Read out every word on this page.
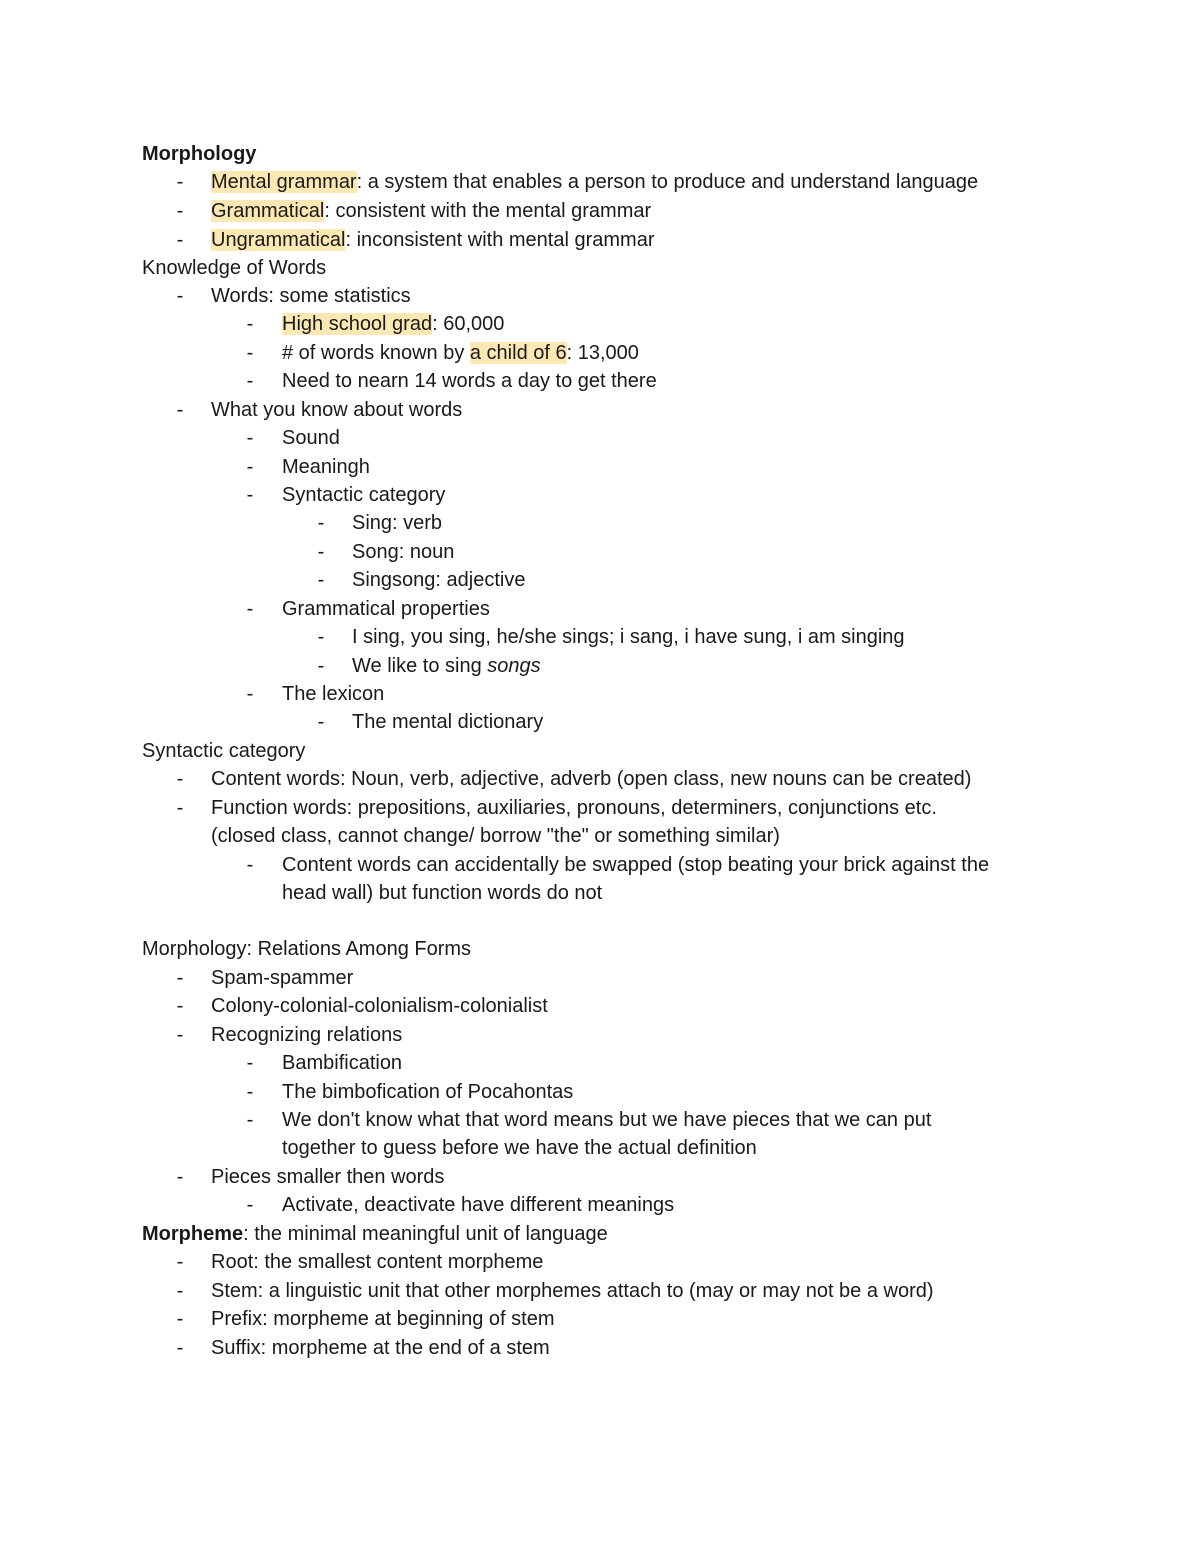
Morphology
-	Mental grammar: a system that enables a person to produce and understand language
-	Grammatical: consistent with the mental grammar
-	Ungrammatical: inconsistent with mental grammar
Knowledge of Words
-	Words: some statistics
-	High school grad: 60,000
-	# of words known by a child of 6: 13,000
-	Need to nearn 14 words a day to get there
-	What you know about words
-	Sound
-	Meaningh
-	Syntactic category
-	Sing: verb
-	Song: noun
-	Singsong: adjective
-	Grammatical properties
-	I sing, you sing, he/she sings; i sang, i have sung, i am singing
-	We like to sing songs
-	The lexicon
-	The mental dictionary
Syntactic category
-	Content words: Noun, verb, adjective, adverb (open class, new nouns can be created)
-	Function words: prepositions, auxiliaries, pronouns, determiners, conjunctions etc.
(closed class, cannot change/ borrow "the" or something similar)
-	Content words can accidentally be swapped (stop beating your brick against the
head wall) but function words do not
Morphology: Relations Among Forms
-	Spam-spammer
-	Colony-colonial-colonialism-colonialist
-	Recognizing relations
-	Bambification
-	The bimbofication of Pocahontas
-	We don't know what that word means but we have pieces that we can put
together to guess before we have the actual definition
-	Pieces smaller then words
-	Activate, deactivate have different meanings
Morpheme: the minimal meaningful unit of language
-	Root: the smallest content morpheme
-	Stem: a linguistic unit that other morphemes attach to (may or may not be a word)
-	Prefix: morpheme at beginning of stem
-	Suffix: morpheme at the end of a stem
